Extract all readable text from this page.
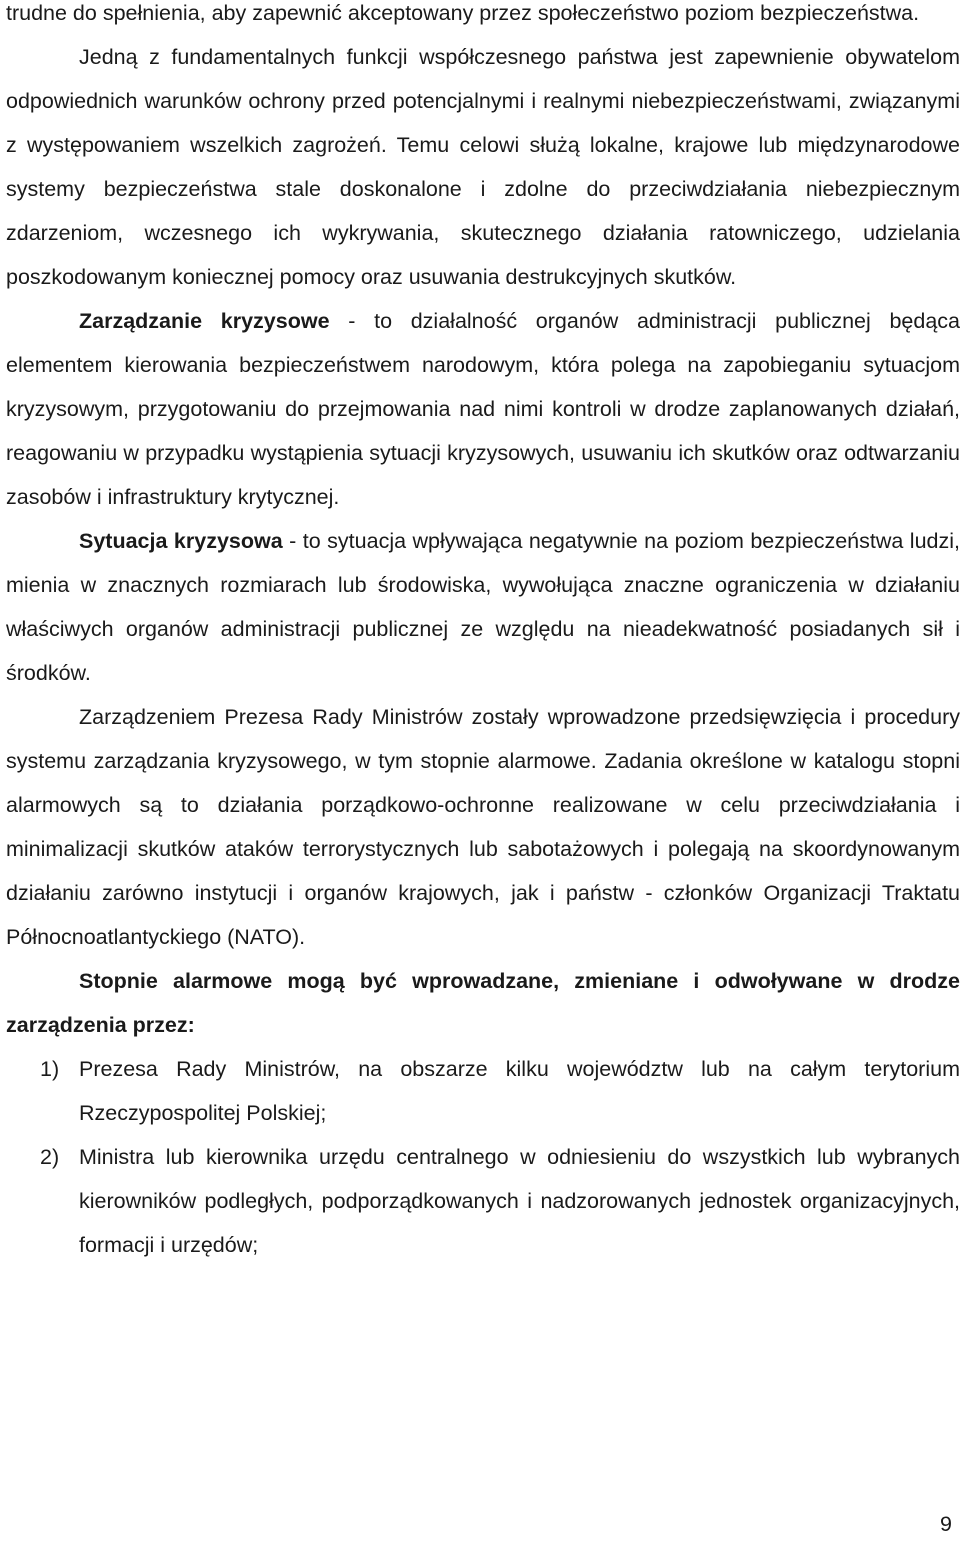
trudne do spełnienia, aby zapewnić akceptowany przez społeczeństwo poziom bezpieczeństwa.

Jedną z fundamentalnych funkcji współczesnego państwa jest zapewnienie obywatelom odpowiednich warunków ochrony przed potencjalnymi i realnymi niebezpieczeństwami, związanymi z występowaniem wszelkich zagrożeń. Temu celowi służą lokalne, krajowe lub międzynarodowe systemy bezpieczeństwa stale doskonalone i zdolne do przeciwdziałania niebezpiecznym zdarzeniom, wczesnego ich wykrywania, skutecznego działania ratowniczego, udzielania poszkodowanym koniecznej pomocy oraz usuwania destrukcyjnych skutków.

Zarządzanie kryzysowe - to działalność organów administracji publicznej będąca elementem kierowania bezpieczeństwem narodowym, która polega na zapobieganiu sytuacjom kryzysowym, przygotowaniu do przejmowania nad nimi kontroli w drodze zaplanowanych działań, reagowaniu w przypadku wystąpienia sytuacji kryzysowych, usuwaniu ich skutków oraz odtwarzaniu zasobów i infrastruktury krytycznej.

Sytuacja kryzysowa - to sytuacja wpływająca negatywnie na poziom bezpieczeństwa ludzi, mienia w znacznych rozmiarach lub środowiska, wywołująca znaczne ograniczenia w działaniu właściwych organów administracji publicznej ze względu na nieadekwatność posiadanych sił i środków.

Zarządzeniem Prezesa Rady Ministrów zostały wprowadzone przedsięwzięcia i procedury systemu zarządzania kryzysowego, w tym stopnie alarmowe. Zadania określone w katalogu stopni alarmowych są to działania porządkowo-ochronne realizowane w celu przeciwdziałania i minimalizacji skutków ataków terrorystycznych lub sabotażowych i polegają na skoordynowanym działaniu zarówno instytucji i organów krajowych, jak i państw - członków Organizacji Traktatu Północnoatlantyckiego (NATO).

Stopnie alarmowe mogą być wprowadzane, zmieniane i odwoływane w drodze zarządzenia przez:

1) Prezesa Rady Ministrów, na obszarze kilku województw lub na całym terytorium Rzeczypospolitej Polskiej;
2) Ministra lub kierownika urzędu centralnego w odniesieniu do wszystkich lub wybranych kierowników podległych, podporządkowanych i nadzorowanych jednostek organizacyjnych, formacji i urzędów;
9
